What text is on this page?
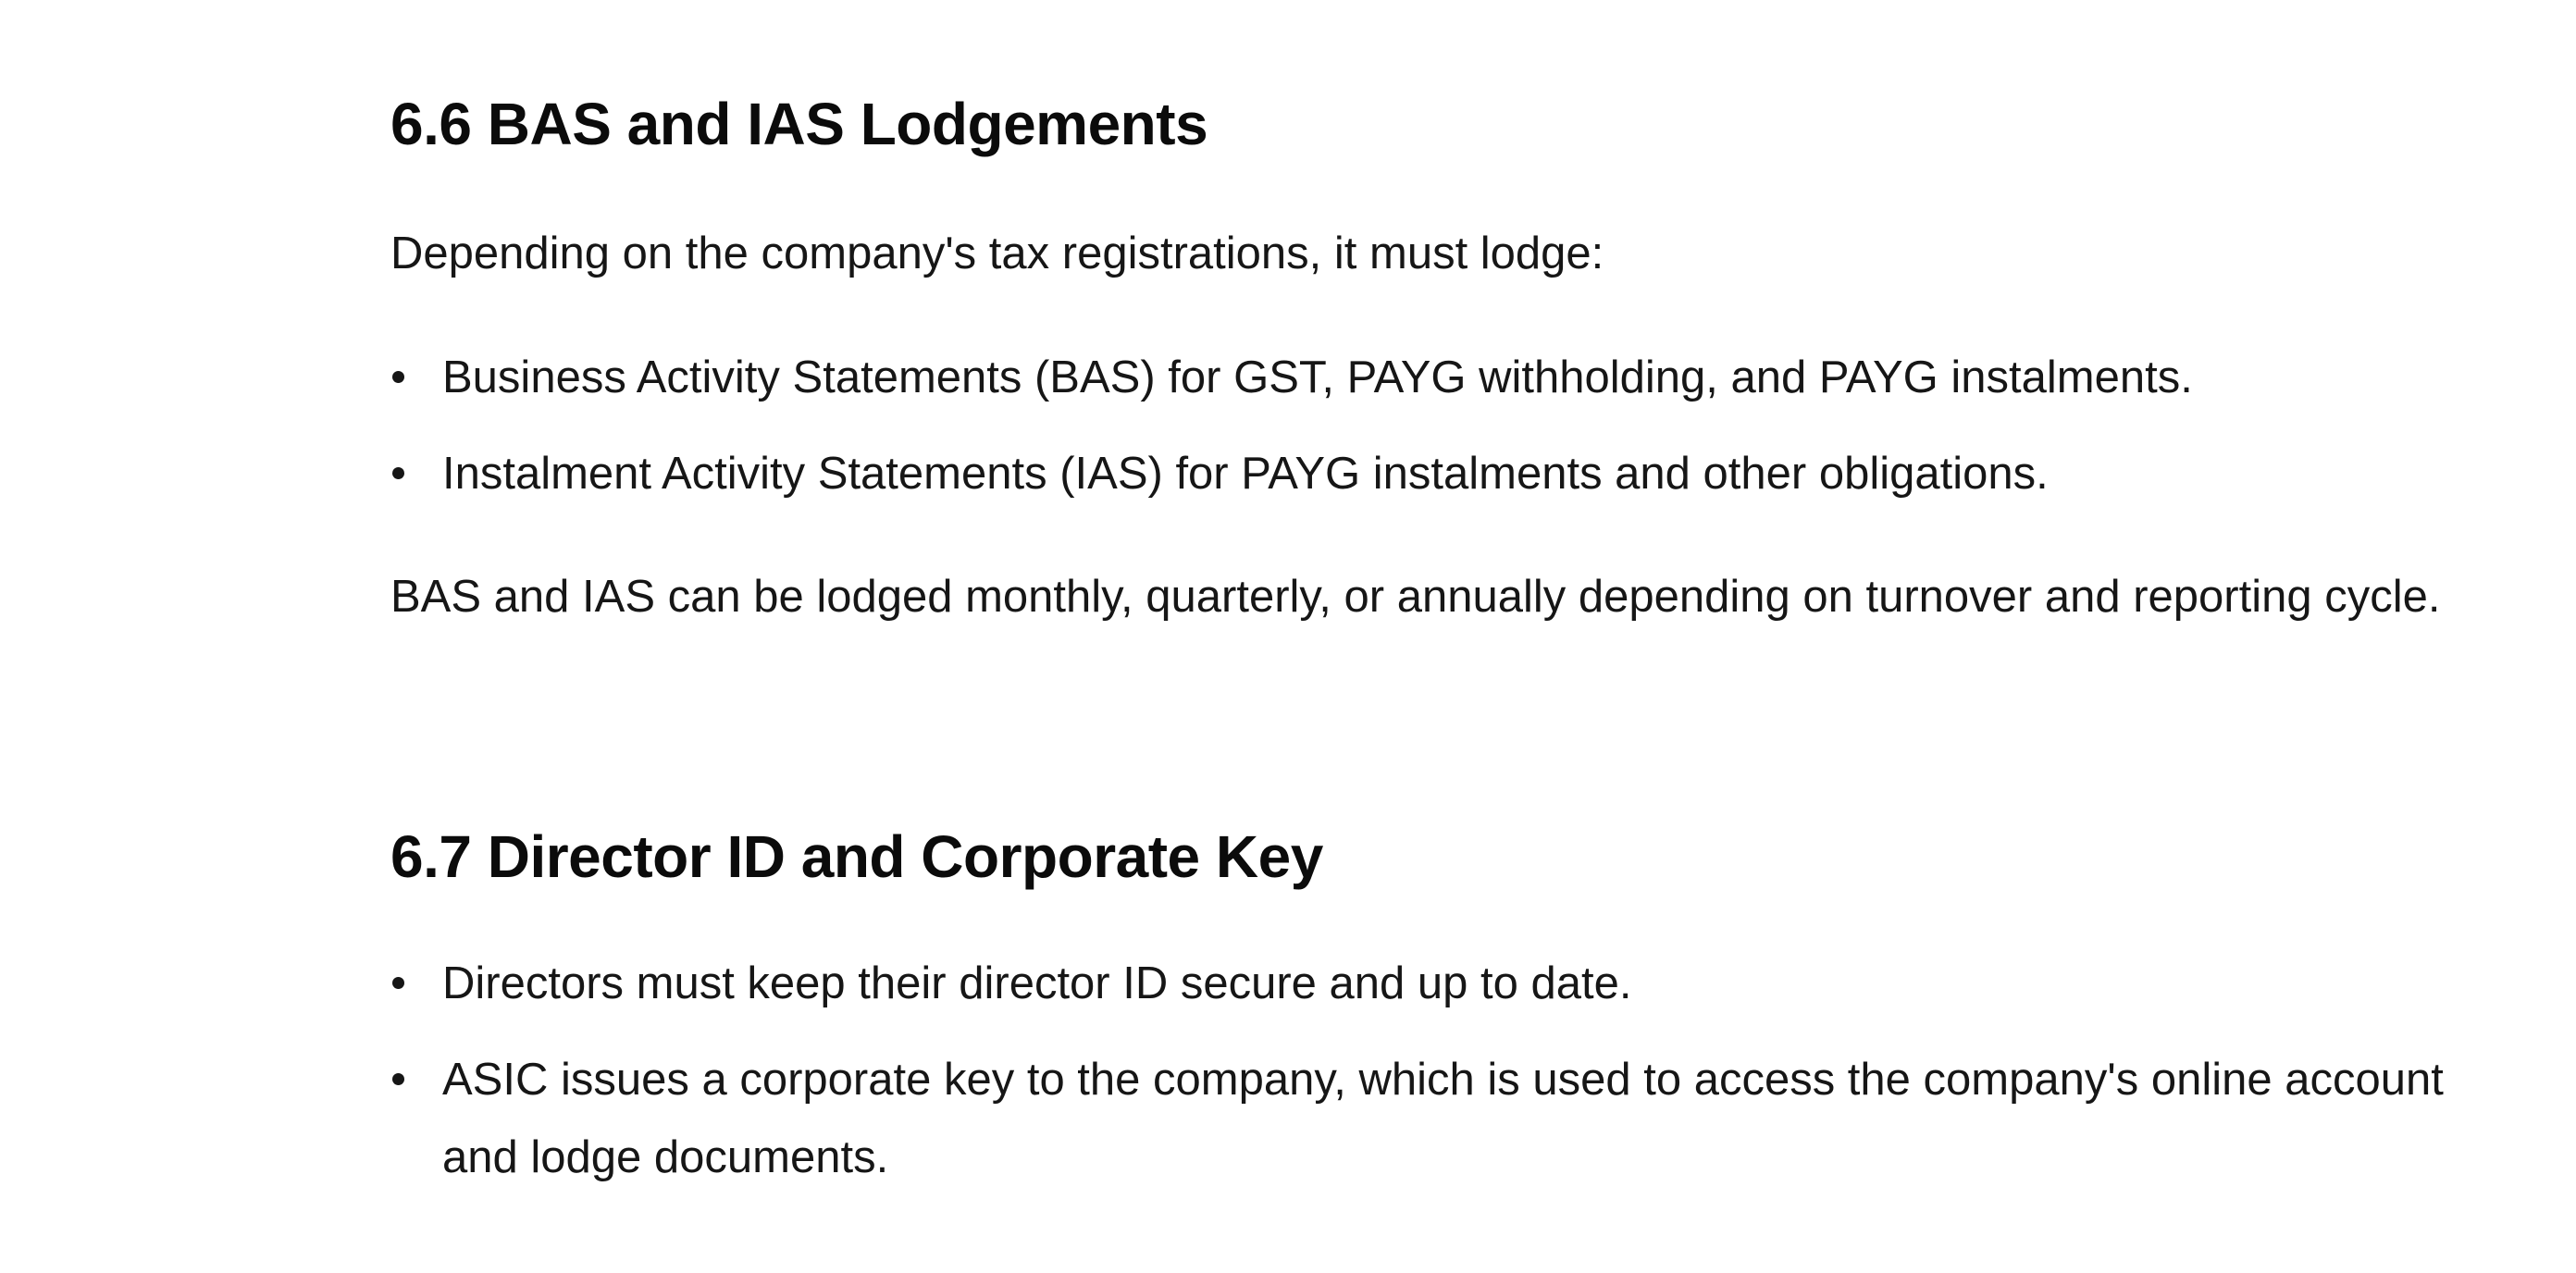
6.6 BAS and IAS Lodgements

Depending on the company's tax registrations, it must lodge:

Business Activity Statements (BAS) for GST, PAYG withholding, and PAYG instalments.
Instalment Activity Statements (IAS) for PAYG instalments and other obligations.

BAS and IAS can be lodged monthly, quarterly, or annually depending on turnover and reporting cycle.

6.7 Director ID and Corporate Key
Directors must keep their director ID secure and up to date.
ASIC issues a corporate key to the company, which is used to access the company's online account and lodge documents.
